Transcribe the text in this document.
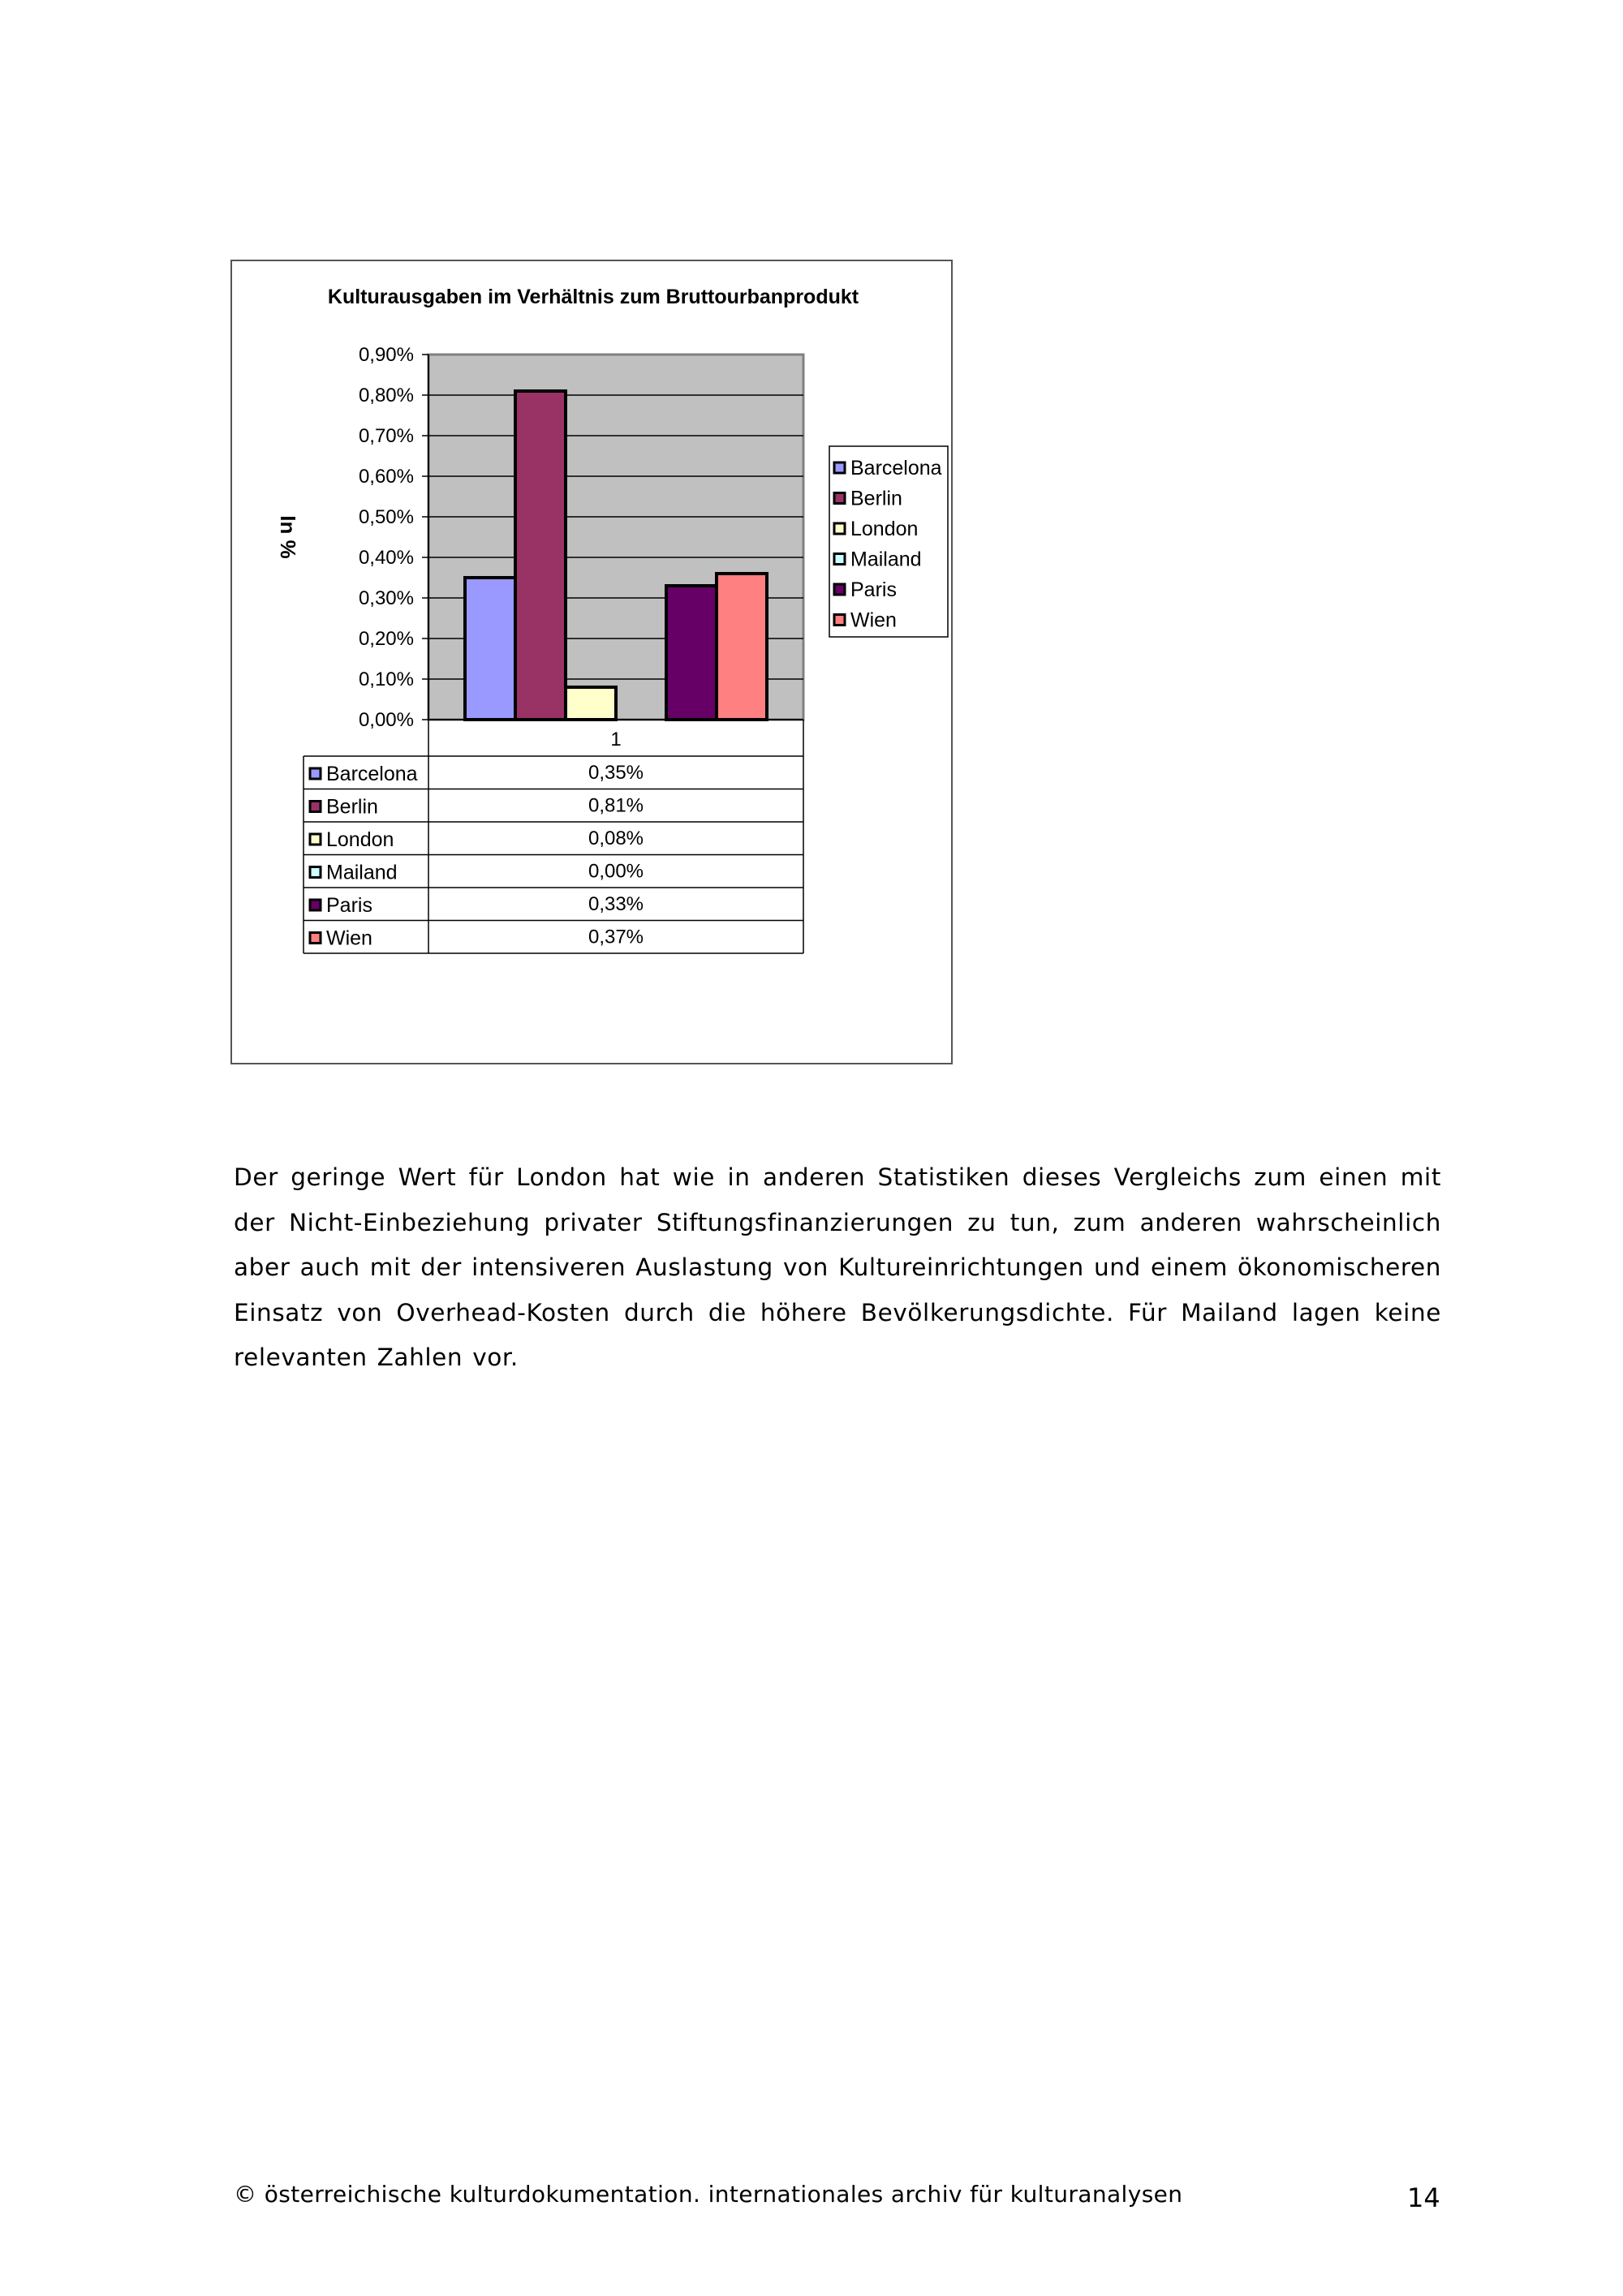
Kulturausgaben im Verhältnis zum Bruttourbanprodukt
0,00%
0,10%
0,20%
0,30%
0,40%
0,50%
0,60%
0,70%
0,80%
0,90%
In %
1
Barcelona	0,35%
Berlin	0,81%
London	0,08%
Mailand	0,00%
Paris	0,33%
Wien	0,37%
Barcelona
Berlin
London
Mailand
Paris
Wien
Der geringe Wert für London hat wie in anderen Statistiken dieses Vergleichs zum einen mit der Nicht-Einbeziehung privater Stiftungsfinanzierungen zu tun, zum anderen wahrscheinlich aber auch mit der intensiveren Auslastung von Kultureinrichtungen und einem ökonomischeren Einsatz von Overhead-Kosten durch die höhere Bevölkerungsdichte. Für Mailand lagen keine relevanten Zahlen vor.
© österreichische kulturdokumentation. internationales archiv für kulturanalysen	14
